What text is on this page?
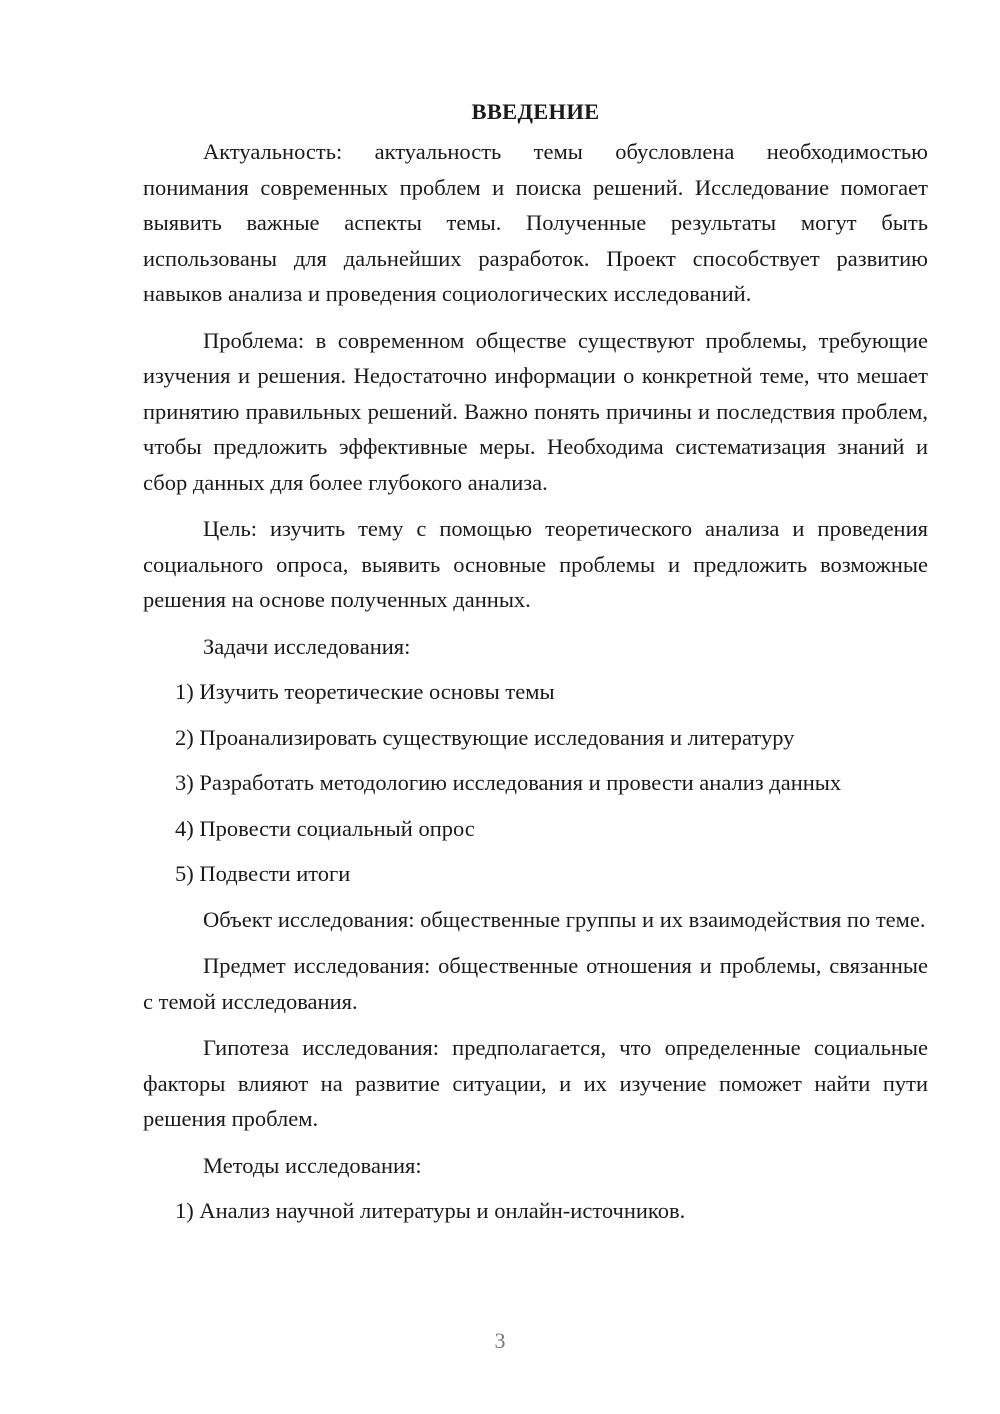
ВВЕДЕНИЕ

Актуальность: актуальность темы обусловлена необходимостью понимания современных проблем и поиска решений. Исследование помогает выявить важные аспекты темы. Полученные результаты могут быть использованы для дальнейших разработок. Проект способствует развитию навыков анализа и проведения социологических исследований.

Проблема: в современном обществе существуют проблемы, требующие изучения и решения. Недостаточно информации о конкретной теме, что мешает принятию правильных решений. Важно понять причины и последствия проблем, чтобы предложить эффективные меры. Необходима систематизация знаний и сбор данных для более глубокого анализа.

Цель: изучить тему с помощью теоретического анализа и проведения социального опроса, выявить основные проблемы и предложить возможные решения на основе полученных данных.

Задачи исследования:

1) Изучить теоретические основы темы
2) Проанализировать существующие исследования и литературу
3) Разработать методологию исследования и провести анализ данных
4) Провести социальный опрос
5) Подвести итоги

Объект исследования: общественные группы и их взаимодействия по теме.

Предмет исследования: общественные отношения и проблемы, связанные с темой исследования.

Гипотеза исследования: предполагается, что определенные социальные факторы влияют на развитие ситуации, и их изучение поможет найти пути решения проблем.

Методы исследования:

1) Анализ научной литературы и онлайн-источников.
3
